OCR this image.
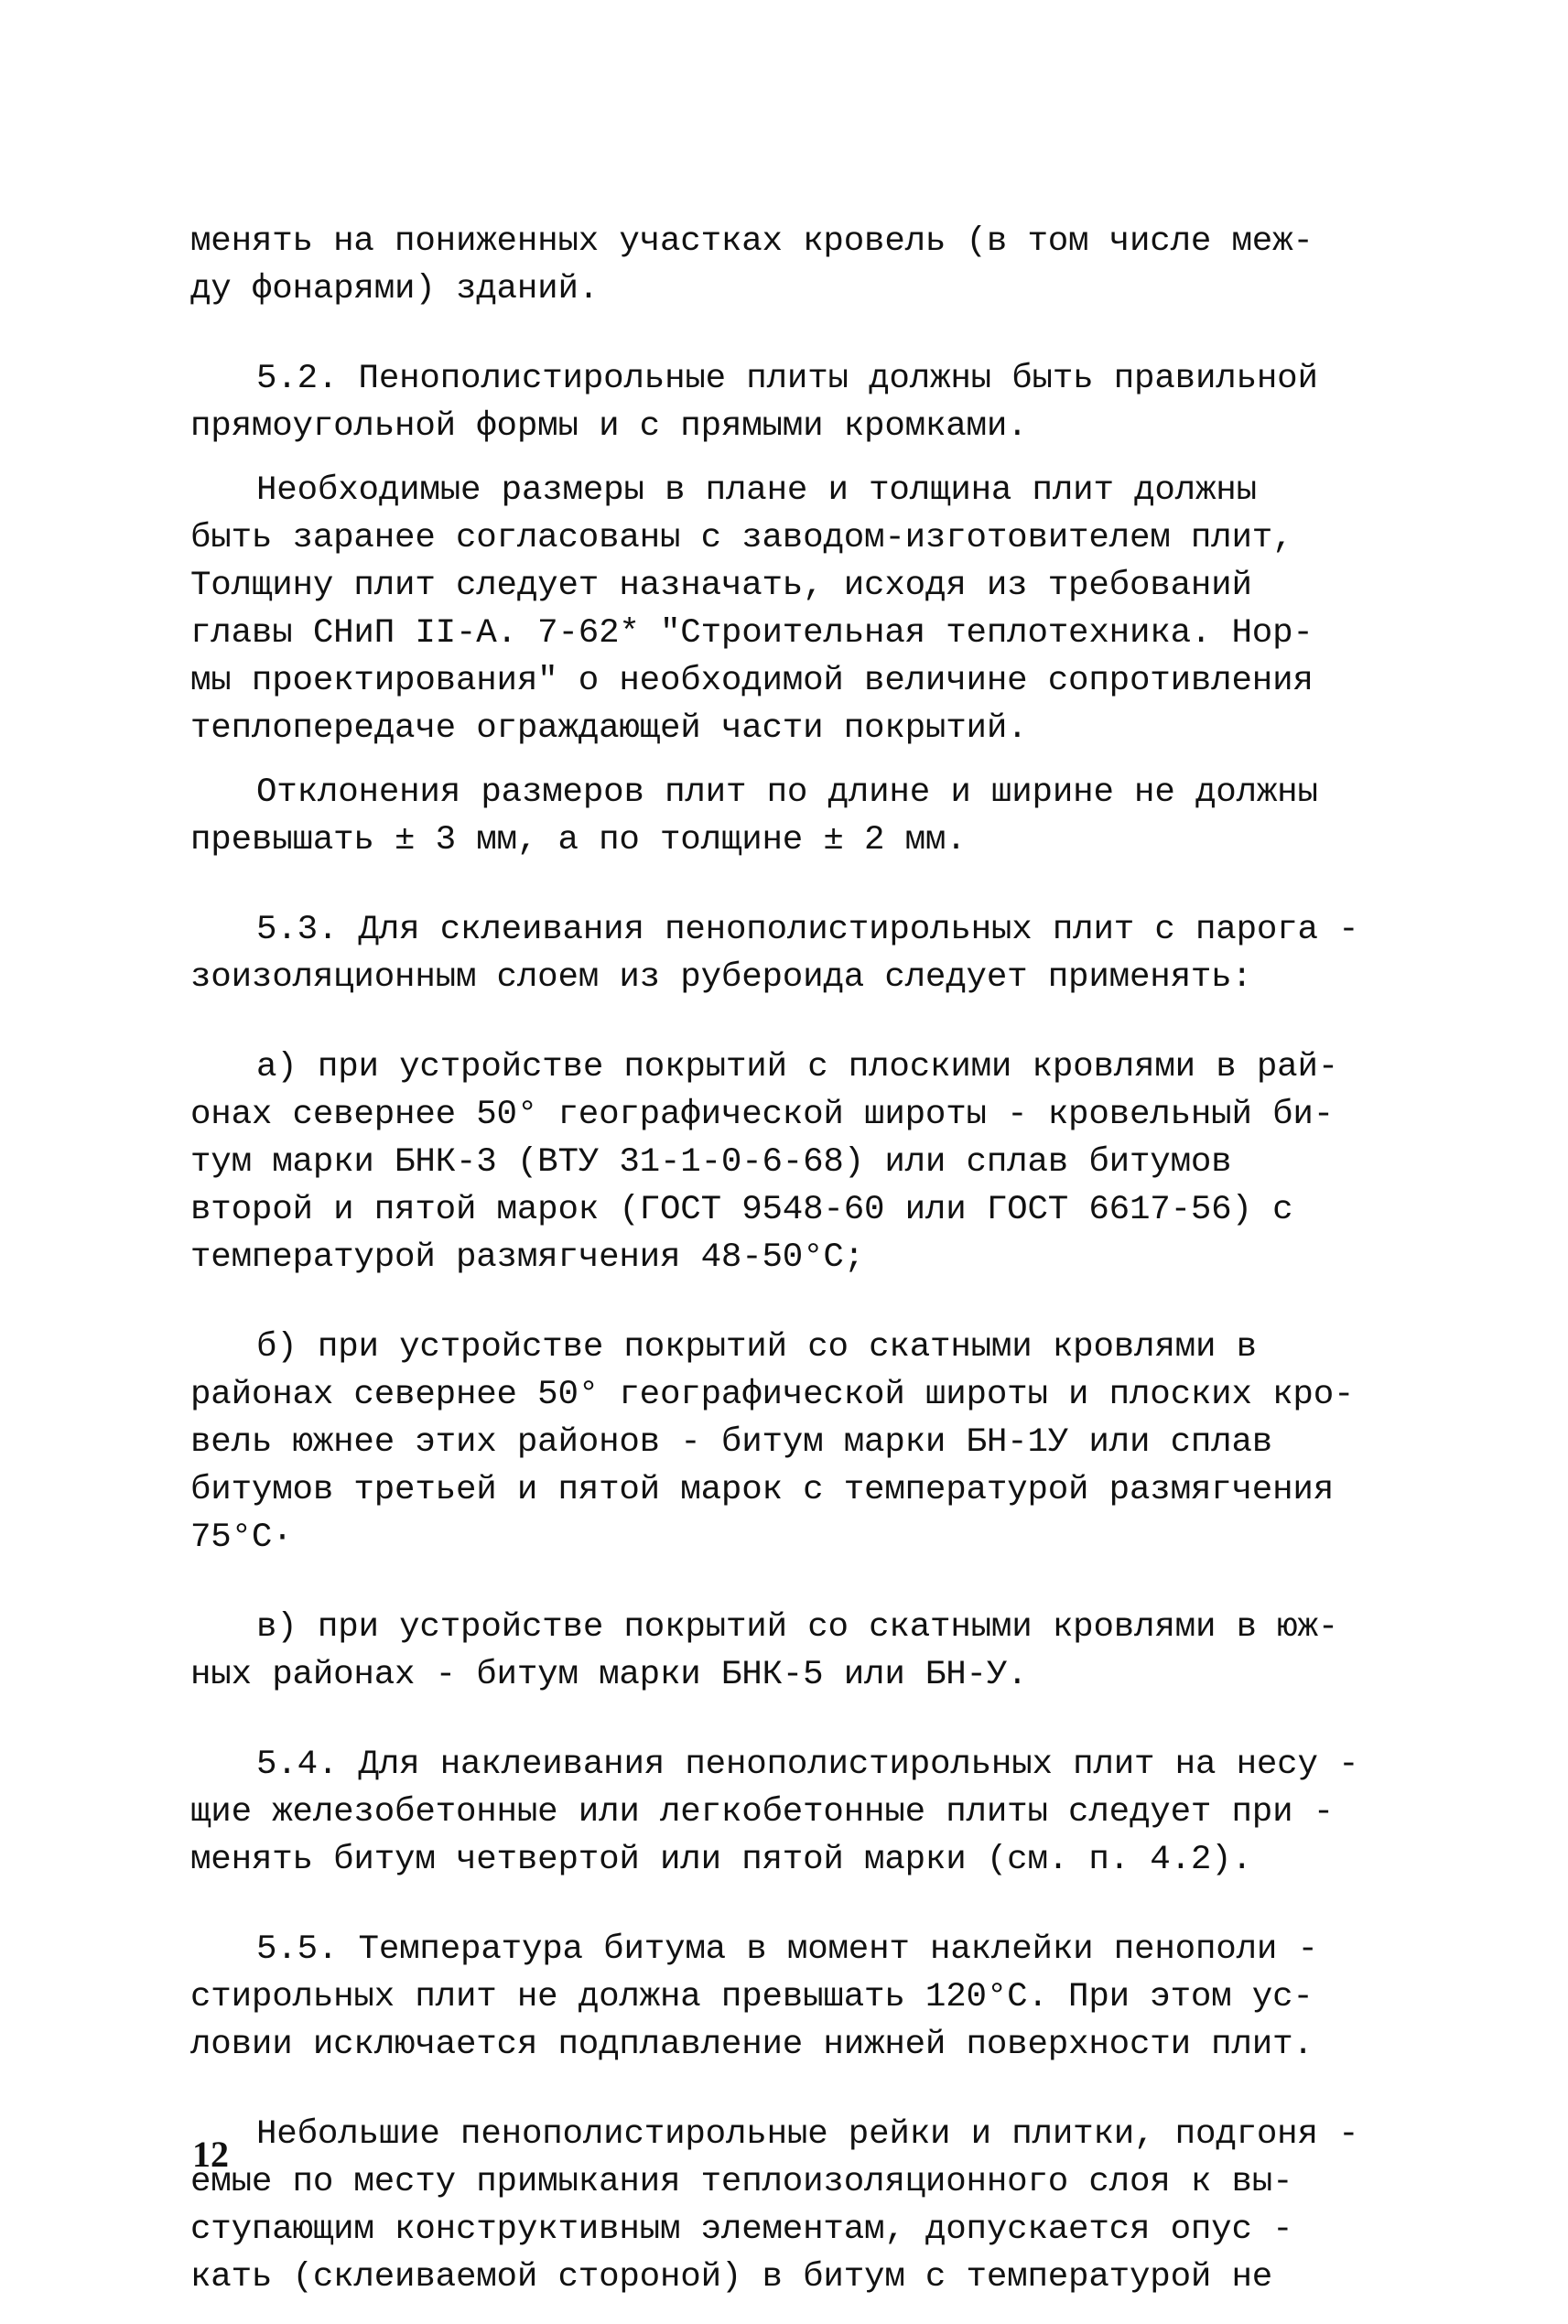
менять на пониженных участках кровель (в том числе меж-
ду фонарями) зданий.
5.2. Пенополистирольные плиты должны быть правильной
прямоугольной формы и с прямыми кромками.
Необходимые размеры в плане и толщина плит должны
быть заранее согласованы с заводом-изготовителем плит,
Толщину плит следует назначать, исходя из требований
главы СНиП II-А. 7-62* "Строительная теплотехника. Нор-
мы проектирования" о необходимой величине сопротивления
теплопередаче ограждающей части покрытий.
Отклонения размеров плит по длине и ширине не должны
превышать ± 3 мм, а по толщине ± 2 мм.
5.3. Для склеивания пенополистирольных плит с парога -
зоизоляционным слоем из рубероида следует применять:
а) при устройстве покрытий с плоскими кровлями в рай-
онах севернее 50° географической широты - кровельный би-
тум марки БНК-3 (ВТУ 31-1-0-6-68) или сплав битумов
второй и пятой марок (ГОСТ 9548-60 или ГОСТ 6617-56) с
температурой размягчения 48-50°С;
б) при устройстве покрытий со скатными кровлями в
районах севернее 50° географической широты и плоских кро-
вель южнее этих районов - битум марки БН-1У или сплав
битумов третьей и пятой марок с температурой размягчения
75°С·
в) при устройстве покрытий со скатными кровлями в юж-
ных районах - битум марки БНК-5 или БН-У.
5.4. Для наклеивания пенополистирольных плит на несу -
щие железобетонные или легкобетонные плиты следует при -
менять битум четвертой или пятой марки (см. п. 4.2).
5.5. Температура битума в момент наклейки пенополи -
стирольных плит не должна превышать 120°С. При этом ус-
ловии исключается подплавление нижней поверхности плит.
Небольшие пенополистирольные рейки и плитки, подгоня -
емые по месту примыкания теплоизоляционного слоя к вы-
ступающим конструктивным элементам, допускается опус -
кать (склеиваемой стороной) в битум с температурой не
12
